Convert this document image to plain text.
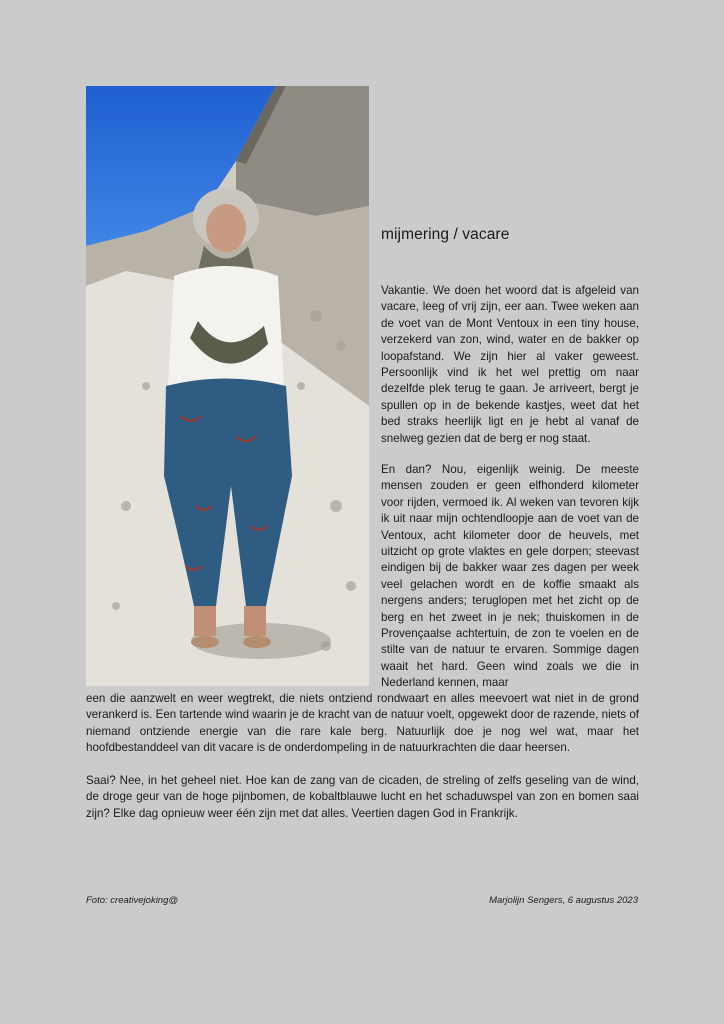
mijmering / vacare

Vakantie. We doen het woord dat is afgeleid van vacare, leeg of vrij zijn, eer aan. Twee weken aan de voet van de Mont Ventoux in een tiny house, verzekerd van zon, wind, water en de bakker op loopafstand. We zijn hier al vaker geweest. Persoonlijk vind ik het wel prettig om naar dezelfde plek terug te gaan. Je arriveert, bergt je spullen op in de bekende kastjes, weet dat het bed straks heerlijk ligt en je hebt al vanaf de snelweg gezien dat de berg er nog staat.

En dan? Nou, eigenlijk weinig. De meeste mensen zouden er geen elfhonderd kilometer voor rijden, vermoed ik. Al weken van tevoren kijk ik uit naar mijn ochtendloopje aan de voet van de Ventoux, acht kilometer door de heuvels, met uitzicht op grote vlaktes en gele dorpen; steevast eindigen bij de bakker waar zes dagen per week veel gelachen wordt en de koffie smaakt als nergens anders; teruglopen met het zicht op de berg en het zweet in je nek; thuiskomen in de Provençaalse achtertuin, de zon te voelen en de stilte van de natuur te ervaren. Sommige dagen waait het hard. Geen wind zoals we die in Nederland kennen, maar

een die aanzwelt en weer wegtrekt, die niets ontziend rondwaart en alles meevoert wat niet in de grond verankerd is. Een tartende wind waarin je de kracht van de natuur voelt, opgewekt door de razende, niets of niemand ontziende energie van die rare kale berg. Natuurlijk doe je nog wel wat, maar het hoofdbestanddeel van dit vacare is de onderdompeling in de natuurkrachten die daar heersen.

Saai? Nee, in het geheel niet. Hoe kan de zang van de cicaden, de streling of zelfs geseling van de wind, de droge geur van de hoge pijnbomen, de kobaltblauwe lucht en het schaduwspel van zon en bomen saai zijn? Elke dag opnieuw weer één zijn met dat alles. Veertien dagen God in Frankrijk.

Foto: creativejoking@	Marjolijn Sengers, 6 augustus 2023
